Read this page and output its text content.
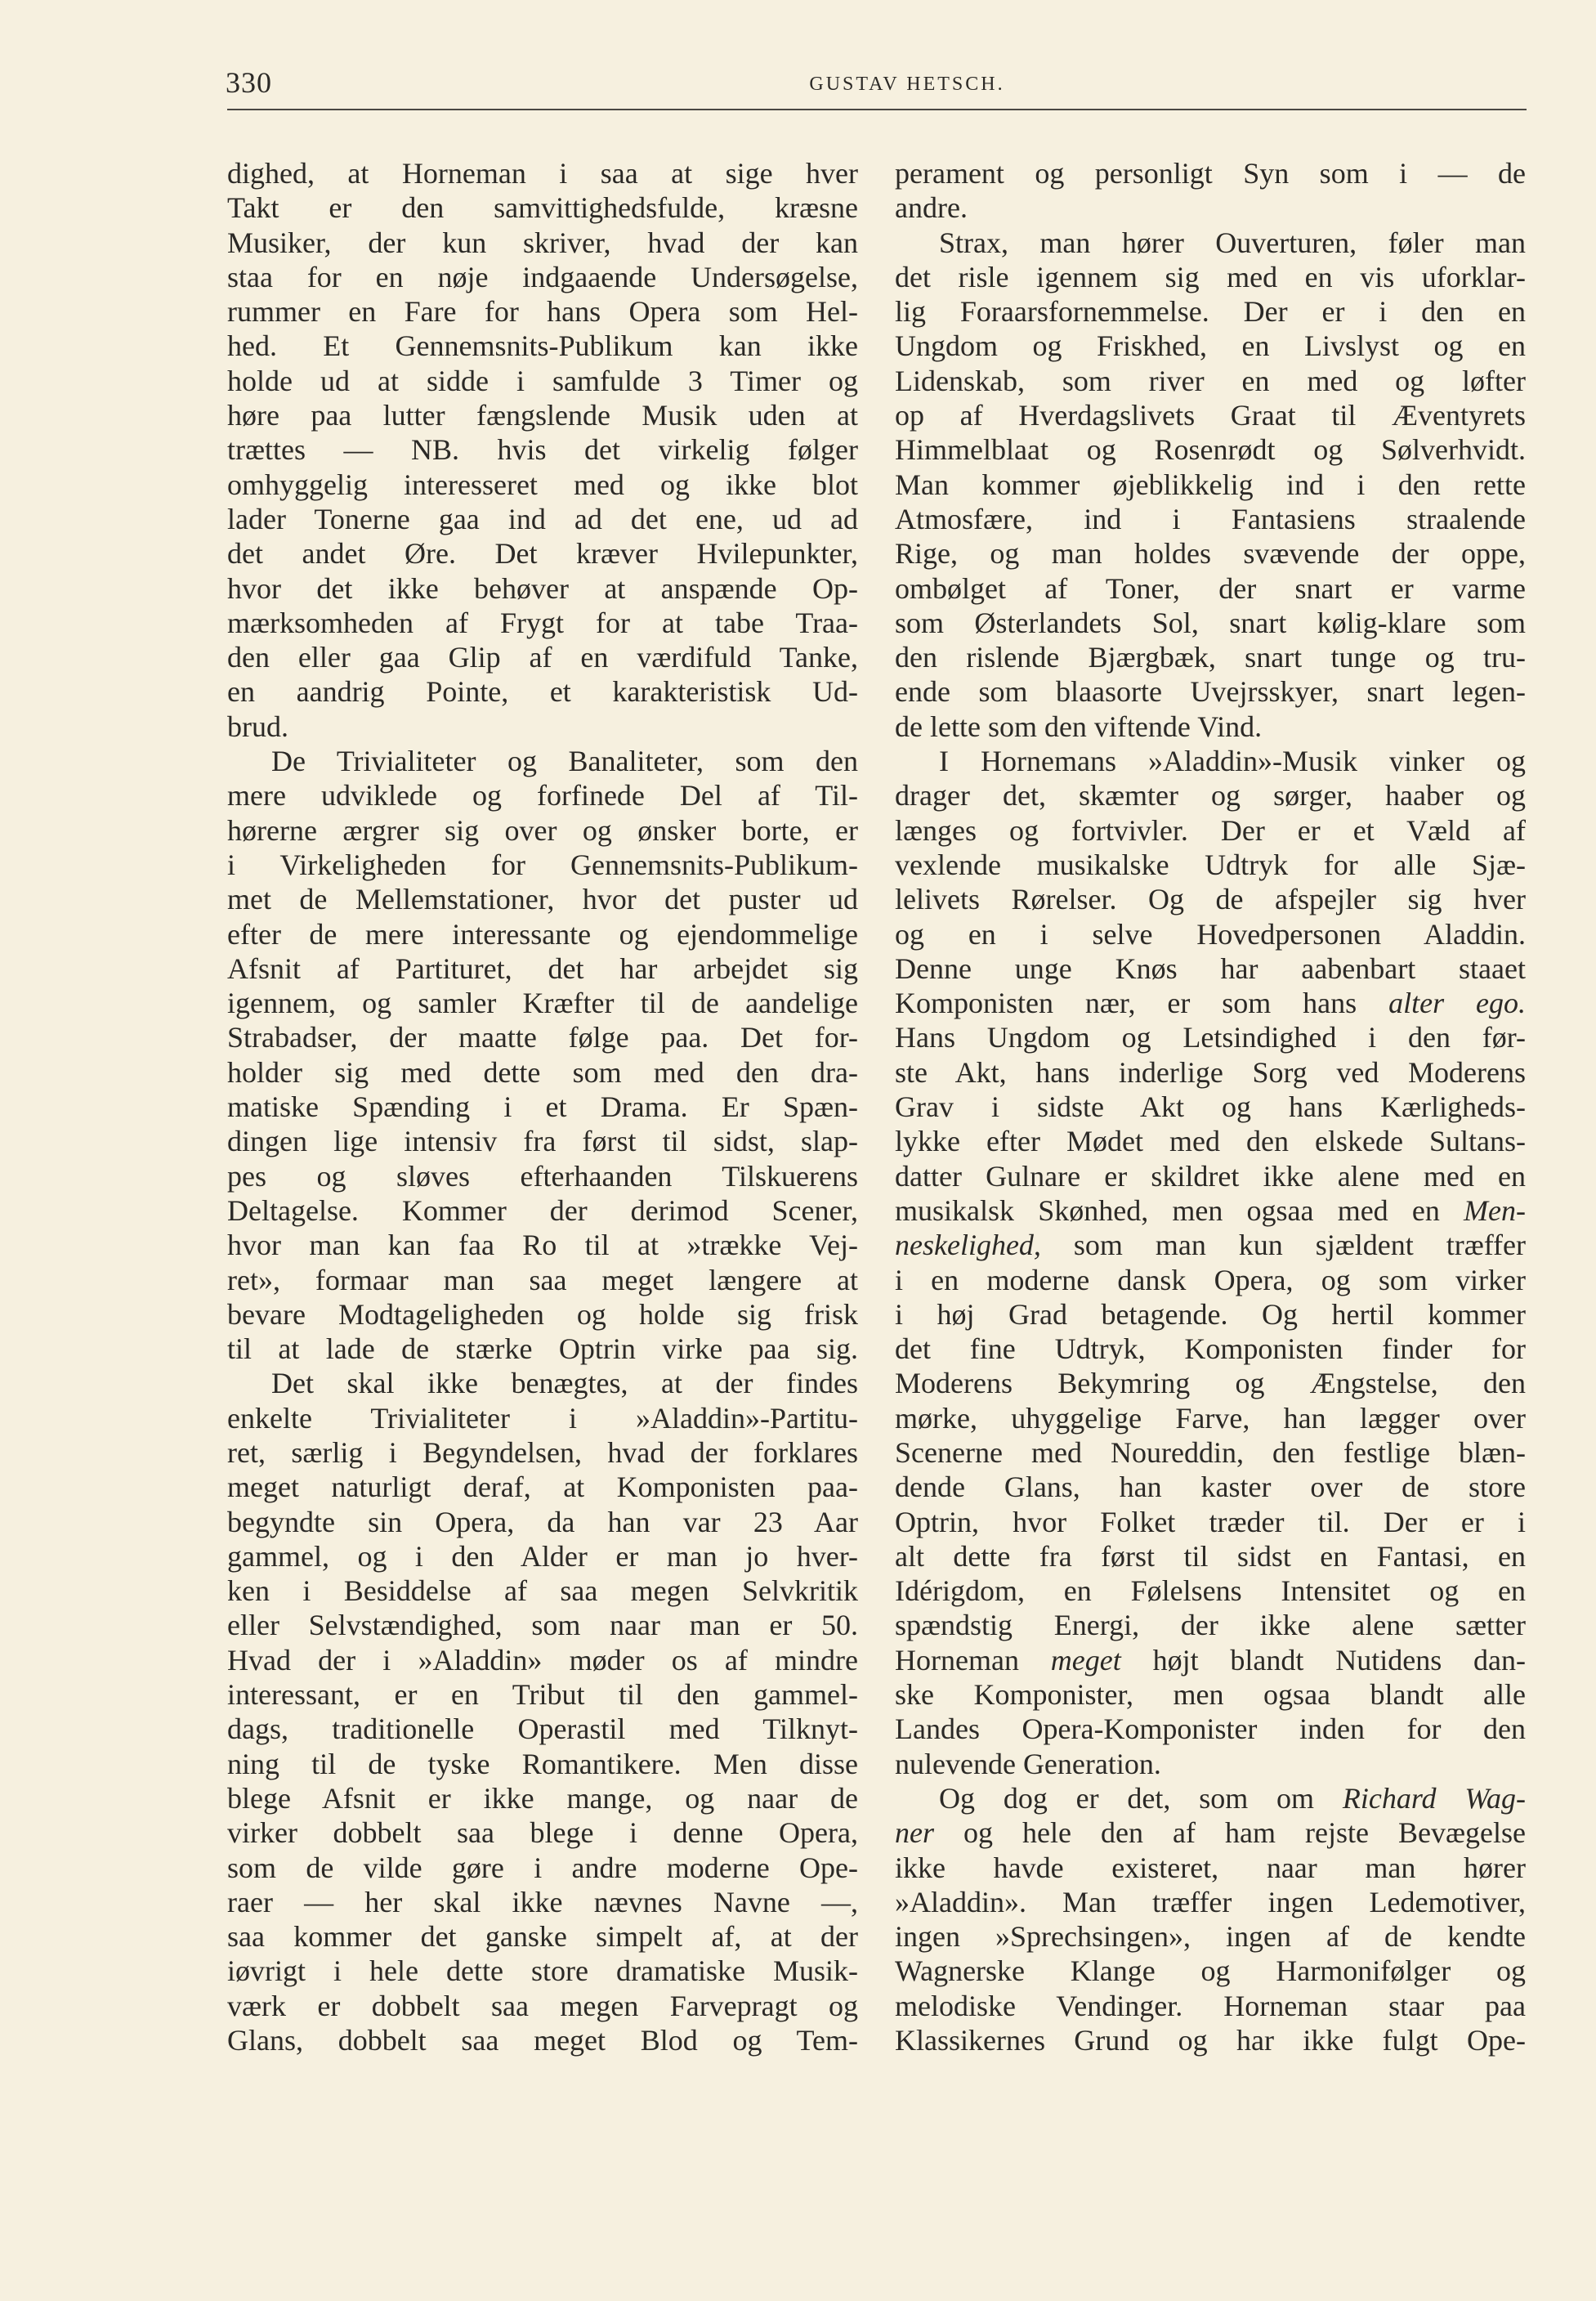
330	GUSTAV HETSCH.
dighed, at Horneman i saa at sige hver
Takt er den samvittighedsfulde, kræsne
Musiker, der kun skriver, hvad der kan
staa for en nøje indgaaende Undersøgelse,
rummer en Fare for hans Opera som Hel-
hed. Et Gennemsnits-Publikum kan ikke
holde ud at sidde i samfulde 3 Timer og
høre paa lutter fængslende Musik uden at
trættes — NB. hvis det virkelig følger
omhyggelig interesseret med og ikke blot
lader Tonerne gaa ind ad det ene, ud ad
det andet Øre. Det kræver Hvilepunkter,
hvor det ikke behøver at anspænde Op-
mærksomheden af Frygt for at tabe Traa-
den eller gaa Glip af en værdifuld Tanke,
en aandrig Pointe, et karakteristisk Ud-
brud.
De Trivialiteter og Banaliteter, som den
mere udviklede og forfinede Del af Til-
hørerne ærgrer sig over og ønsker borte, er
i Virkeligheden for Gennemsnits-Publikum-
met de Mellemstationer, hvor det puster ud
efter de mere interessante og ejendommelige
Afsnit af Partituret, det har arbejdet sig
igennem, og samler Kræfter til de aandelige
Strabadser, der maatte følge paa. Det for-
holder sig med dette som med den dra-
matiske Spænding i et Drama. Er Spæn-
dingen lige intensiv fra først til sidst, slap-
pes og sløves efterhaanden Tilskuerens
Deltagelse. Kommer der derimod Scener,
hvor man kan faa Ro til at »trække Vej-
ret», formaar man saa meget længere at
bevare Modtageligheden og holde sig frisk
til at lade de stærke Optrin virke paa sig.
Det skal ikke benægtes, at der findes
enkelte Trivialiteter i »Aladdin»-Partitu-
ret, særlig i Begyndelsen, hvad der forklares
meget naturligt deraf, at Komponisten paa-
begyndte sin Opera, da han var 23 Aar
gammel, og i den Alder er man jo hver-
ken i Besiddelse af saa megen Selvkritik
eller Selvstændighed, som naar man er 50.
Hvad der i »Aladdin» møder os af mindre
interessant, er en Tribut til den gammel-
dags, traditionelle Operastil med Tilknyt-
ning til de tyske Romantikere. Men disse
blege Afsnit er ikke mange, og naar de
virker dobbelt saa blege i denne Opera,
som de vilde gøre i andre moderne Ope-
raer — her skal ikke nævnes Navne —,
saa kommer det ganske simpelt af, at der
iøvrigt i hele dette store dramatiske Musik-
værk er dobbelt saa megen Farvepragt og
Glans, dobbelt saa meget Blod og Tem-
perament og personligt Syn som i — de
andre.
Strax, man hører Ouverturen, føler man
det risle igennem sig med en vis uforklar-
lig Foraarsfornemmelse. Der er i den en
Ungdom og Friskhed, en Livslyst og en
Lidenskab, som river en med og løfter
op af Hverdagslivets Graat til Æventyrets
Himmelblaat og Rosenrødt og Sølverhvidt.
Man kommer øjeblikkelig ind i den rette
Atmosfære, ind i Fantasiens straalende
Rige, og man holdes svævende der oppe,
ombølget af Toner, der snart er varme
som Østerlandets Sol, snart kølig-klare som
den rislende Bjærgbæk, snart tunge og tru-
ende som blaasorte Uvejrsskyer, snart legen-
de lette som den viftende Vind.
I Hornemans »Aladdin»-Musik vinker og
drager det, skæmter og sørger, haaber og
længes og fortvivler. Der er et Væld af
vexlende musikalske Udtryk for alle Sjæ-
lelivets Rørelser. Og de afspejler sig hver
og en i selve Hovedpersonen Aladdin.
Denne unge Knøs har aabenbart staaet
Komponisten nær, er som hans alter ego.
Hans Ungdom og Letsindighed i den før-
ste Akt, hans inderlige Sorg ved Moderens
Grav i sidste Akt og hans Kærligheds-
lykke efter Mødet med den elskede Sultans-
datter Gulnare er skildret ikke alene med en
musikalsk Skønhed, men ogsaa med en Men-
neskelighed, som man kun sjældent træffer
i en moderne dansk Opera, og som virker
i høj Grad betagende. Og hertil kommer
det fine Udtryk, Komponisten finder for
Moderens Bekymring og Ængstelse, den
mørke, uhyggelige Farve, han lægger over
Scenerne med Noureddin, den festlige blæn-
dende Glans, han kaster over de store
Optrin, hvor Folket træder til. Der er i
alt dette fra først til sidst en Fantasi, en
Idérigdom, en Følelsens Intensitet og en
spændstig Energi, der ikke alene sætter
Horneman meget højt blandt Nutidens dan-
ske Komponister, men ogsaa blandt alle
Landes Opera-Komponister inden for den
nulevende Generation.
Og dog er det, som om Richard Wag-
ner og hele den af ham rejste Bevægelse
ikke havde existeret, naar man hører
»Aladdin». Man træffer ingen Ledemotiver,
ingen »Sprechsingen», ingen af de kendte
Wagnerske Klange og Harmonifølger og
melodiske Vendinger. Horneman staar paa
Klassikernes Grund og har ikke fulgt Ope-
